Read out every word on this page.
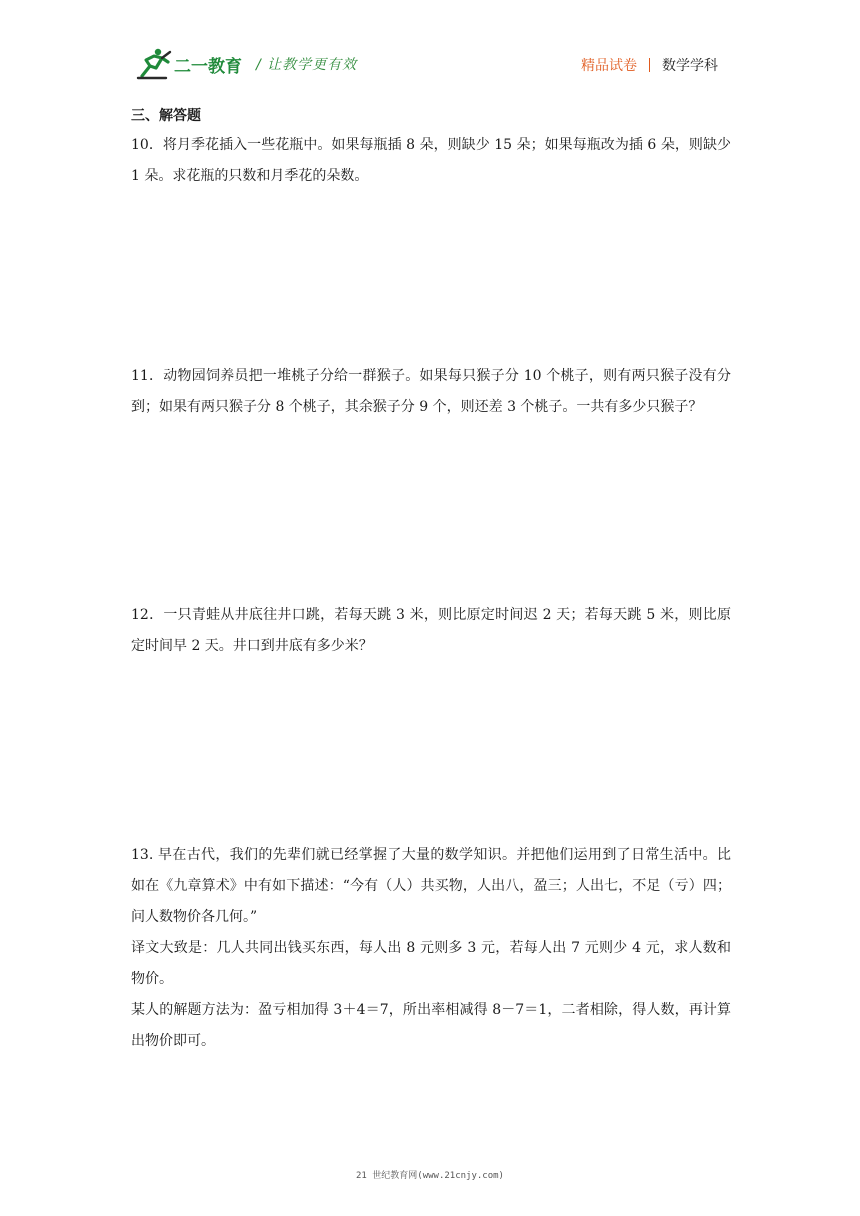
二一教育 / 让教学更有效	精品试卷 数学学科

三、解答题

10．将月季花插入一些花瓶中。如果每瓶插 8 朵，则缺少 15 朵；如果每瓶改为插 6 朵，则缺少 1 朵。求花瓶的只数和月季花的朵数。

11．动物园饲养员把一堆桃子分给一群猴子。如果每只猴子分 10 个桃子，则有两只猴子没有分到；如果有两只猴子分 8 个桃子，其余猴子分 9 个，则还差 3 个桃子。一共有多少只猴子？

12．一只青蛙从井底往井口跳，若每天跳 3 米，则比原定时间迟 2 天；若每天跳 5 米，则比原定时间早 2 天。井口到井底有多少米？

13. 早在古代，我们的先辈们就已经掌握了大量的数学知识。并把他们运用到了日常生活中。比如在《九章算术》中有如下描述：“今有（人）共买物，人出八，盈三；人出七，不足（亏）四；问人数物价各几何。”

译文大致是：几人共同出钱买东西，每人出 8 元则多 3 元，若每人出 7 元则少 4 元，求人数和物价。

某人的解题方法为：盈亏相加得 3＋4＝7，所出率相减得 8－7＝1，二者相除，得人数，再计算出物价即可。

21 世纪教育网(www.21cnjy.com)
